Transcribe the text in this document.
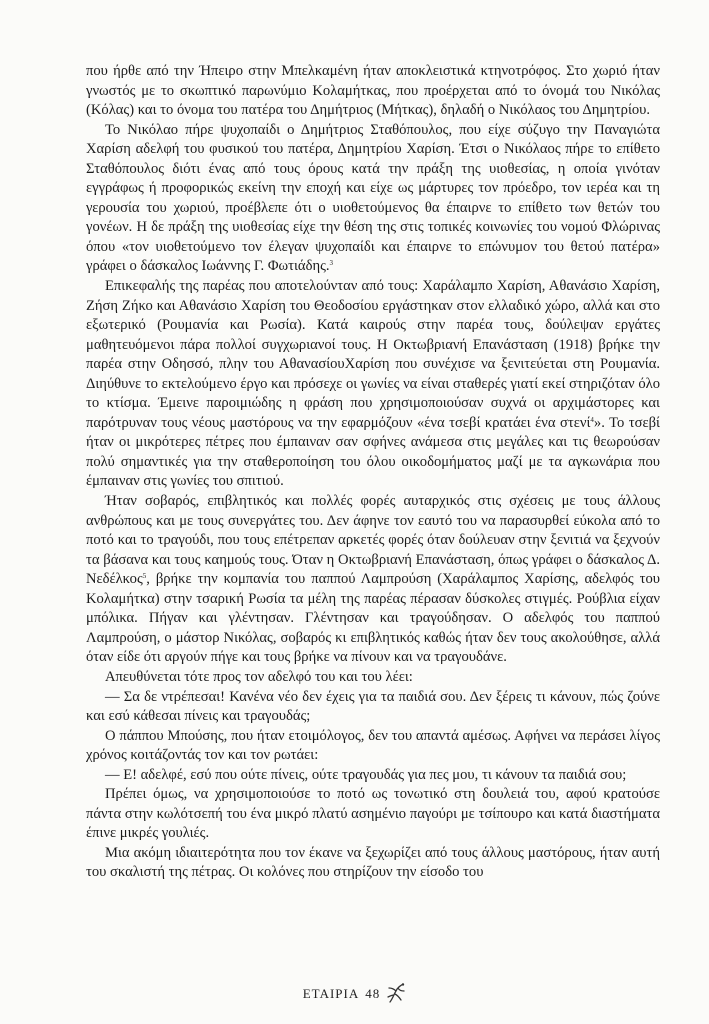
που ήρθε από την Ήπειρο στην Μπελκαμένη ήταν αποκλειστικά κτηνοτρόφος. Στο χωριό ήταν γνωστός με το σκωπτικό παρωνύμιο Κολαμήτκας, που προέρχεται από το όνομά του Νικόλας (Κόλας) και το όνομα του πατέρα του Δημήτριος (Μήτκας), δηλαδή ο Νικόλαος του Δημητρίου.

Το Νικόλαο πήρε ψυχοπαίδι ο Δημήτριος Σταθόπουλος, που είχε σύζυγο την Παναγιώτα Χαρίση αδελφή του φυσικού του πατέρα, Δημητρίου Χαρίση. Έτσι ο Νικόλαος πήρε το επίθετο Σταθόπουλος διότι ένας από τους όρους κατά την πράξη της υιοθεσίας, η οποία γινόταν εγγράφως ή προφορικώς εκείνη την εποχή και είχε ως μάρτυρες τον πρόεδρο, τον ιερέα και τη γερουσία του χωριού, προέβλεπε ότι ο υιοθετούμενος θα έπαιρνε το επίθετο των θετών του γονέων. Η δε πράξη της υιοθεσίας είχε την θέση της στις τοπικές κοινωνίες του νομού Φλώρινας όπου «τον υιοθετούμενο τον έλεγαν ψυχοπαίδι και έπαιρνε το επώνυμον του θετού πατέρα» γράφει ο δάσκαλος Ιωάννης Γ. Φωτιάδης.$^3$

Επικεφαλής της παρέας που αποτελούνταν από τους: Χαράλαμπο Χαρίση, Αθανάσιο Χαρίση, Ζήση Ζήκο και Αθανάσιο Χαρίση του Θεοδοσίου εργάστηκαν στον ελλαδικό χώρο, αλλά και στο εξωτερικό (Ρουμανία και Ρωσία). Κατά καιρούς στην παρέα τους, δούλεψαν εργάτες μαθητευόμενοι πάρα πολλοί συγχωριανοί τους. Η Οκτωβριανή Επανάσταση (1918) βρήκε την παρέα στην Οδησσό, πλην του ΑθανασίουΧαρίση που συνέχισε να ξενιτεύεται στη Ρουμανία. Διηύθυνε το εκτελούμενο έργο και πρόσεχε οι γωνίες να είναι σταθερές γιατί εκεί στηριζόταν όλο το κτίσμα. Έμεινε παροιμιώδης η φράση που χρησιμοποιούσαν συχνά οι αρχιμάστορες και παρότρυναν τους νέους μαστόρους να την εφαρμόζουν «ένα τσεβί κρατάει ένα στενί$^4$». Το τσεβί ήταν οι μικρότερες πέτρες που έμπαιναν σαν σφήνες ανάμεσα στις μεγάλες και τις θεωρούσαν πολύ σημαντικές για την σταθεροποίηση του όλου οικοδομήματος μαζί με τα αγκωνάρια που έμπαιναν στις γωνίες του σπιτιού.

Ήταν σοβαρός, επιβλητικός και πολλές φορές αυταρχικός στις σχέσεις με τους άλλους ανθρώπους και με τους συνεργάτες του. Δεν άφηνε τον εαυτό του να παρασυρθεί εύκολα από το ποτό και το τραγούδι, που τους επέτρεπαν αρκετές φορές όταν δούλευαν στην ξενιτιά να ξεχνούν τα βάσανα και τους καημούς τους. Όταν η Οκτωβριανή Επανάσταση, όπως γράφει ο δάσκαλος Δ. Νεδέλκος$^5$, βρήκε την κομπανία του παππού Λαμπρούση (Χαράλαμπος Χαρίσης, αδελφός του Κολαμήτκα) στην τσαρική Ρωσία τα μέλη της παρέας πέρασαν δύσκολες στιγμές. Ρούβλια είχαν μπόλικα. Πήγαν και γλέντησαν. Γλέντησαν και τραγούδησαν. Ο αδελφός του παππού Λαμπρούση, ο μάστορ Νικόλας, σοβαρός κι επιβλητικός καθώς ήταν δεν τους ακολούθησε, αλλά όταν είδε ότι αργούν πήγε και τους βρήκε να πίνουν και να τραγουδάνε.

Απευθύνεται τότε προς τον αδελφό του και του λέει:

— Σα δε ντρέπεσαι! Κανένα νέο δεν έχεις για τα παιδιά σου. Δεν ξέρεις τι κάνουν, πώς ζούνε και εσύ κάθεσαι πίνεις και τραγουδάς;

Ο πάππου Μπούσης, που ήταν ετοιμόλογος, δεν του απαντά αμέσως. Αφήνει να περάσει λίγος χρόνος κοιτάζοντάς τον και τον ρωτάει:

— Ε! αδελφέ, εσύ που ούτε πίνεις, ούτε τραγουδάς για πες μου, τι κάνουν τα παιδιά σου;

Πρέπει όμως, να χρησιμοποιούσε το ποτό ως τονωτικό στη δουλειά του, αφού κρατούσε πάντα στην κωλότσεπή του ένα μικρό πλατύ ασημένιο παγούρι με τσίπουρο και κατά διαστήματα έπινε μικρές γουλιές.

Μια ακόμη ιδιαιτερότητα που τον έκανε να ξεχωρίζει από τους άλλους μαστόρους, ήταν αυτή του σκαλιστή της πέτρας. Οι κολόνες που στηρίζουν την είσοδο του

ΕΤΑΙΡΙΑ 48
